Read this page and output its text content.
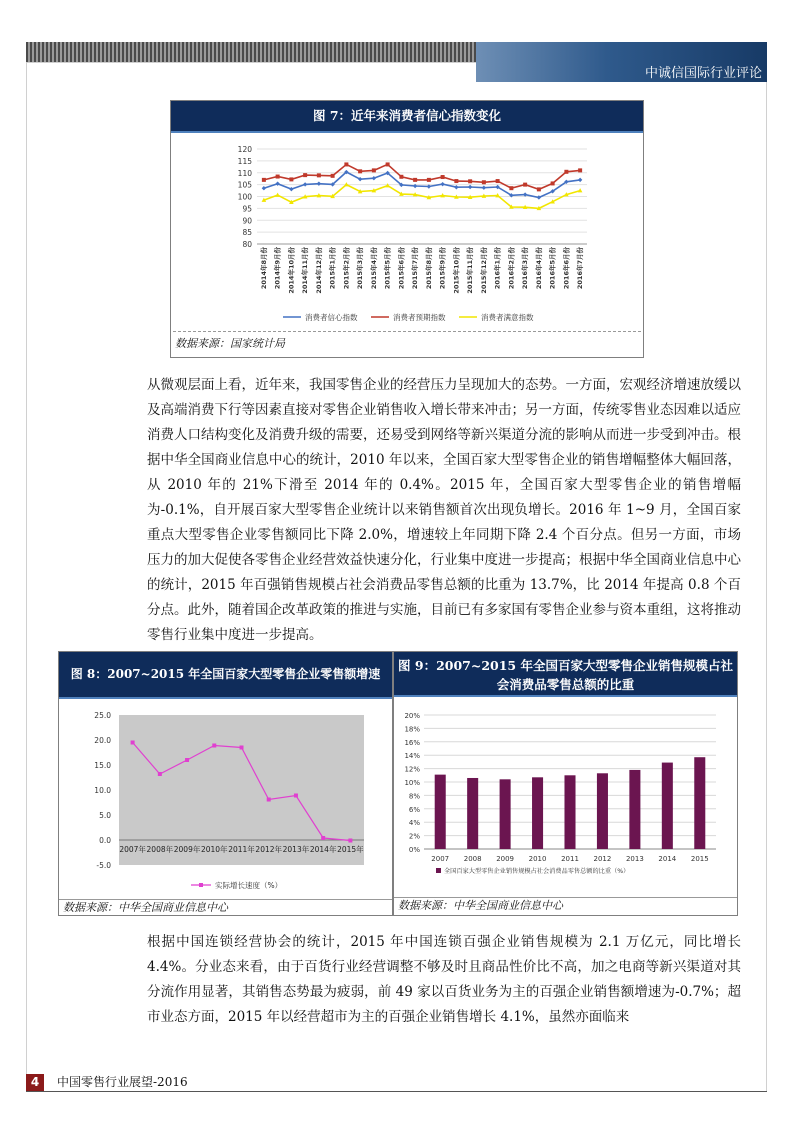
中诚信国际行业评论
图 7：近年来消费者信心指数变化
80
85
90
95
100
105
110
115
120
2014年8月份 2014年9月份 2014年10月份 2014年11月份 2014年12月份 2015年1月份 2015年2月份 2015年3月份 2015年4月份 2015年5月份 2015年6月份 2015年7月份 2015年8月份 2015年9月份 2015年10月份 2015年11月份 2015年12月份 2016年1月份 2016年2月份 2016年3月份 2016年4月份 2016年5月份 2016年6月份 2016年7月份
消费者信心指数	消费者预期指数	消费者满意指数
数据来源：国家统计局
从微观层面上看，近年来，我国零售企业的经营压力呈现加大的态势。一方面，宏观经济增速放缓以及高端消费下行等因素直接对零售企业销售收入增长带来冲击；另一方面，传统零售业态因难以适应消费人口结构变化及消费升级的需要，还易受到网络等新兴渠道分流的影响从而进一步受到冲击。根据中华全国商业信息中心的统计，2010 年以来，全国百家大型零售企业的销售增幅整体大幅回落，从 2010 年的 21%下滑至 2014 年的 0.4%。2015 年，全国百家大型零售企业的销售增幅为-0.1%，自开展百家大型零售企业统计以来销售额首次出现负增长。2016 年 1~9 月，全国百家重点大型零售企业零售额同比下降 2.0%，增速较上年同期下降 2.4 个百分点。但另一方面，市场压力的加大促使各零售企业经营效益快速分化，行业集中度进一步提高；根据中华全国商业信息中心的统计，2015 年百强销售规模占社会消费品零售总额的比重为 13.7%，比 2014 年提高 0.8 个百分点。此外，随着国企改革政策的推进与实施，目前已有多家国有零售企业参与资本重组，这将推动零售行业集中度进一步提高。
图 8：2007~2015 年全国百家大型零售企业零售额增速
-5.0
0.0
5.0
10.0
15.0
20.0
25.0
2007年 2008年 2009年 2010年 2011年 2012年 2013年 2014年 2015年
实际增长速度（%）
数据来源：中华全国商业信息中心
图 9：2007~2015 年全国百家大型零售企业销售规模占社会消费品零售总额的比重
0%
2%
4%
6%
8%
10%
12%
14%
16%
18%
20%
2007 2008 2009 2010 2011 2012 2013 2014 2015
全国百家大型零售企业销售规模占社会消费品零售总额的比重（%）
数据来源：中华全国商业信息中心
根据中国连锁经营协会的统计，2015 年中国连锁百强企业销售规模为 2.1 万亿元，同比增长 4.4%。分业态来看，由于百货行业经营调整不够及时且商品性价比不高，加之电商等新兴渠道对其分流作用显著，其销售态势最为疲弱，前 49 家以百货业务为主的百强企业销售额增速为-0.7%；超市业态方面，2015 年以经营超市为主的百强企业销售增长 4.1%，虽然亦面临来
4	中国零售行业展望-2016
